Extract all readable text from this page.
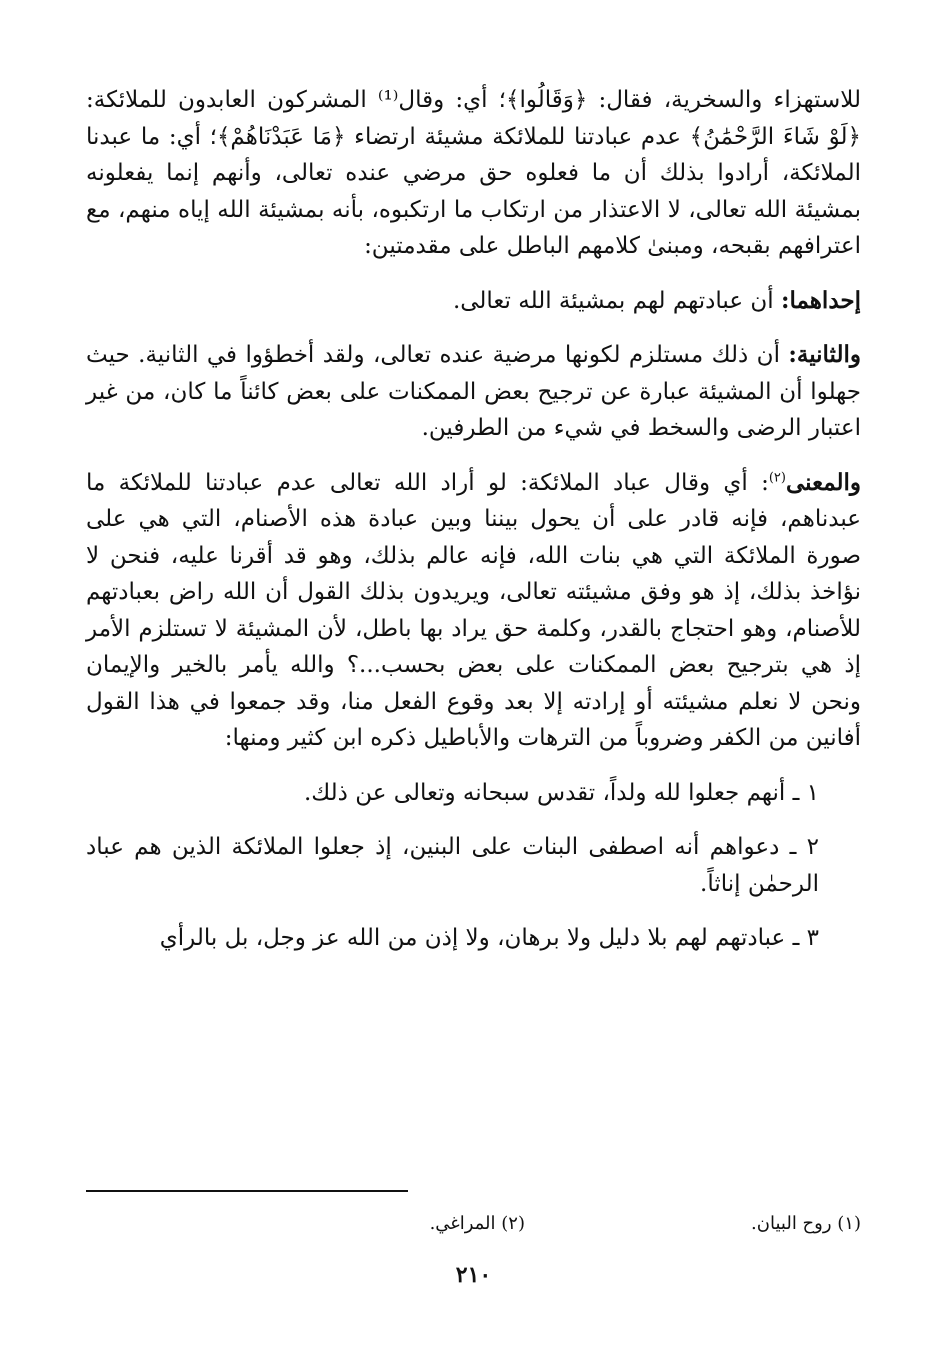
للاستهزاء والسخرية، فقال: ﴿وَقَالُوا﴾؛ أي: وقال⁽¹⁾ المشركون العابدون للملائكة: ﴿لَوْ شَاءَ الرَّحْمَٰنُ﴾ عدم عبادتنا للملائكة مشيئة ارتضاء ﴿مَا عَبَدْنَاهُمْ﴾؛ أي: ما عبدنا الملائكة، أرادوا بذلك أن ما فعلوه حق مرضي عنده تعالى، وأنهم إنما يفعلونه بمشيئة الله تعالى، لا الاعتذار من ارتكاب ما ارتكبوه، بأنه بمشيئة الله إياه منهم، مع اعترافهم بقبحه، ومبنىٰ كلامهم الباطل على مقدمتين:

إحداهما: أن عبادتهم لهم بمشيئة الله تعالى.

والثانية: أن ذلك مستلزم لكونها مرضية عنده تعالى، ولقد أخطؤوا في الثانية. حيث جهلوا أن المشيئة عبارة عن ترجيح بعض الممكنات على بعض كائناً ما كان، من غير اعتبار الرضى والسخط في شيء من الطرفين.

والمعنى$^{(٢)}$: أي وقال عباد الملائكة: لو أراد الله تعالى عدم عبادتنا للملائكة ما عبدناهم، فإنه قادر على أن يحول بيننا وبين عبادة هذه الأصنام، التي هي على صورة الملائكة التي هي بنات الله، فإنه عالم بذلك، وهو قد أقرنا عليه، فنحن لا نؤاخذ بذلك، إذ هو وفق مشيئته تعالى، ويريدون بذلك القول أن الله راض بعبادتهم للأصنام، وهو احتجاج بالقدر، وكلمة حق يراد بها باطل، لأن المشيئة لا تستلزم الأمر إذ هي بترجيح بعض الممكنات على بعض بحسب...؟ والله يأمر بالخير والإيمان ونحن لا نعلم مشيئته أو إرادته إلا بعد وقوع الفعل منا، وقد جمعوا في هذا القول أفانين من الكفر وضروباً من الترهات والأباطيل ذكره ابن كثير ومنها:

١ ـ أنهم جعلوا لله ولداً، تقدس سبحانه وتعالى عن ذلك.

٢ ـ دعواهم أنه اصطفى البنات على البنين، إذ جعلوا الملائكة الذين هم عباد الرحمٰن إناثاً.

٣ ـ عبادتهم لهم بلا دليل ولا برهان، ولا إذن من الله عز وجل، بل بالرأي

(١) روح البيان.
(٢) المراغي.
٢١٠
